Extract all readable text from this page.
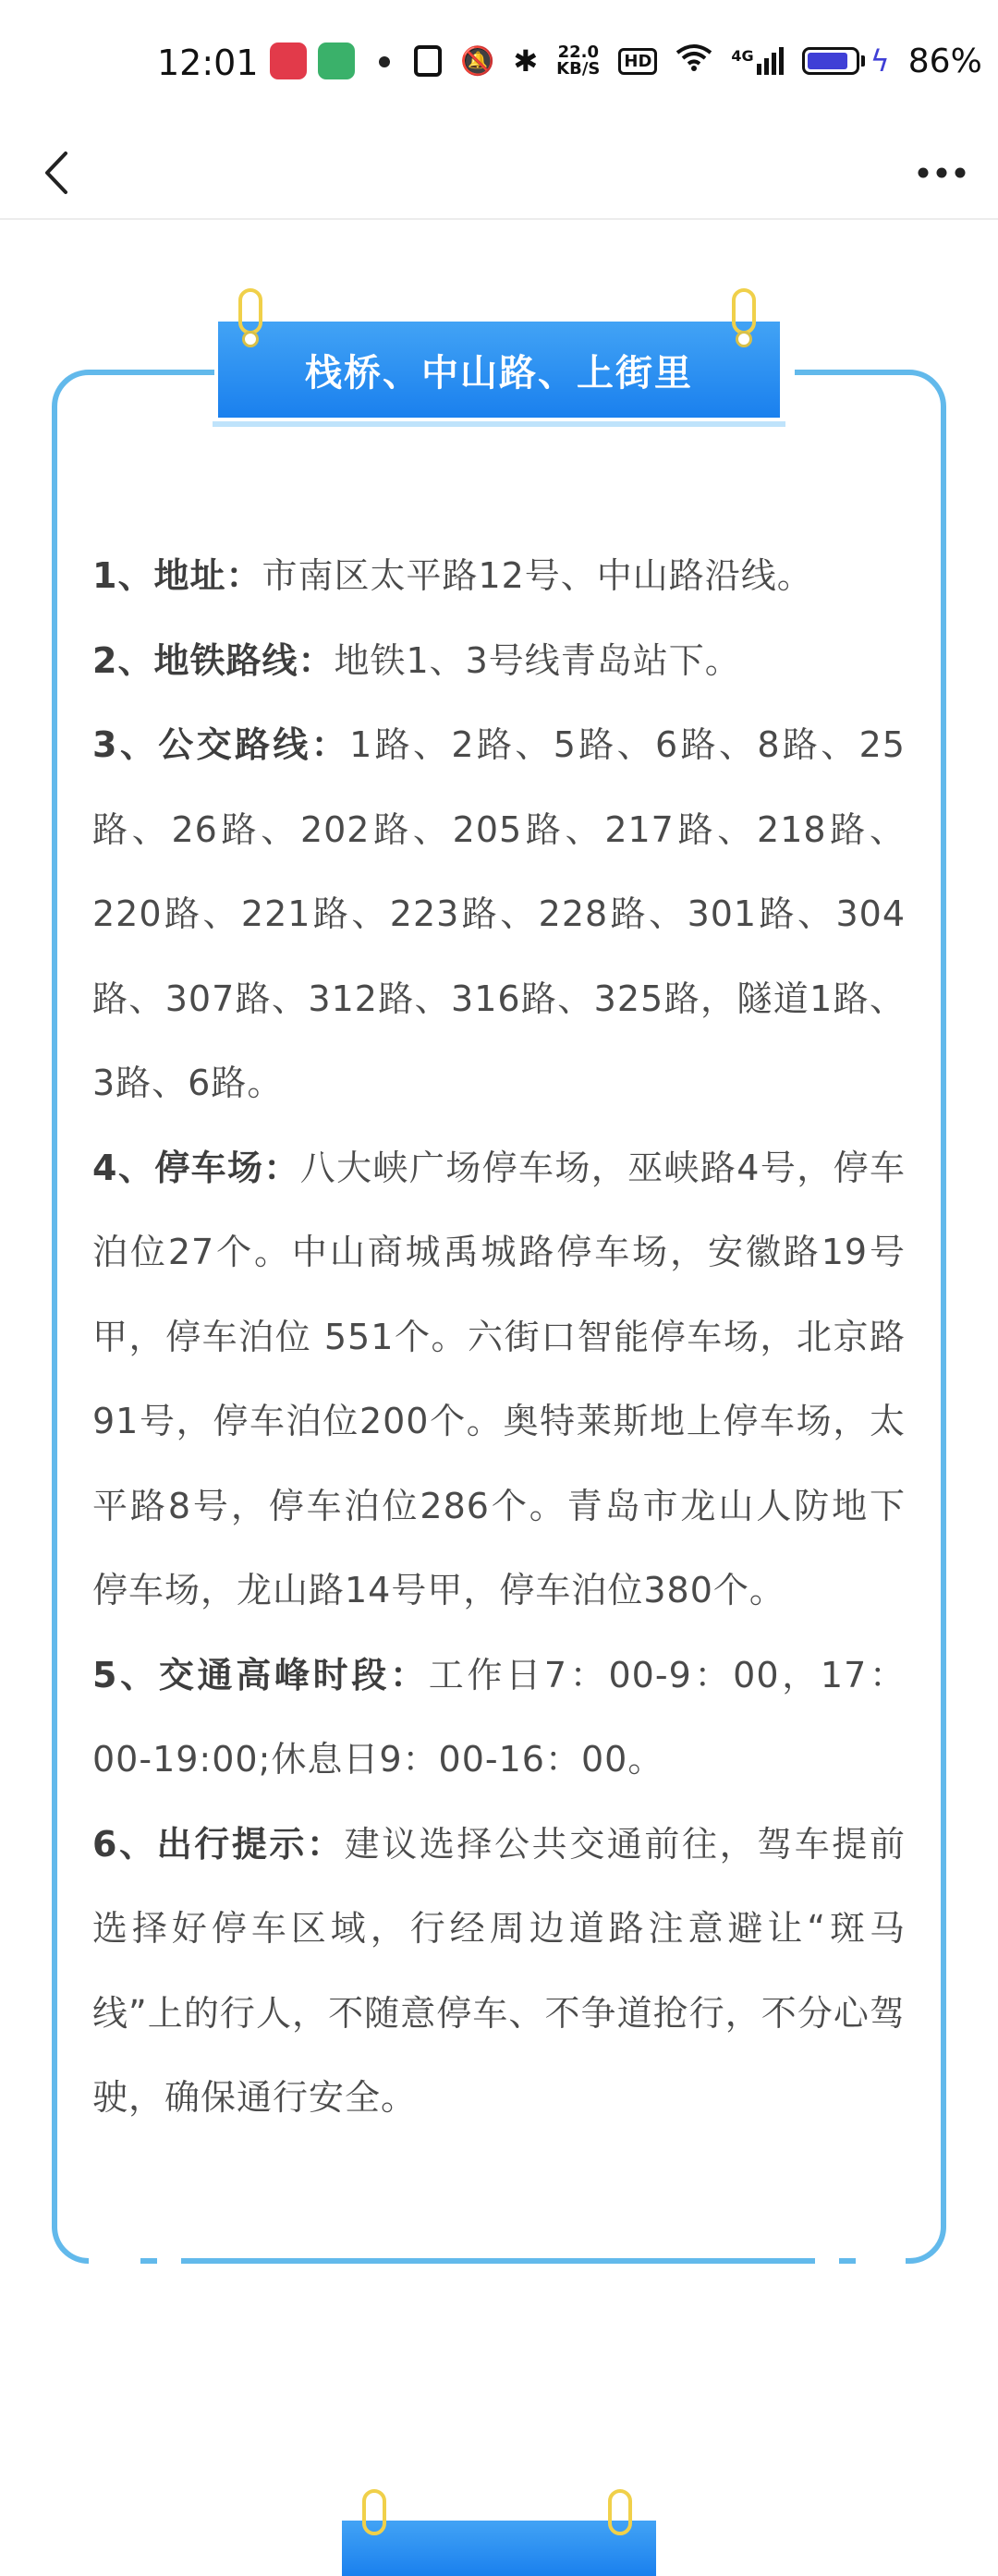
12:01	🔕 ✱ 22.0
KB/S	HD	4G	ϟ 86%
栈桥、中山路、上街里

1、地址：市南区太平路12号、中山路沿线。

2、地铁路线：地铁1、3号线青岛站下。

3、公交路线：1路、2路、5路、6路、8路、25路、26路、202路、205路、217路、218路、220路、221路、223路、228路、301路、304路、307路、312路、316路、325路，隧道1路、3路、6路。

4、停车场：八大峡广场停车场，巫峡路4号，停车泊位27个。中山商城禹城路停车场，安徽路19号甲，停车泊位 551个。六街口智能停车场，北京路91号，停车泊位200个。奥特莱斯地上停车场，太平路8号，停车泊位286个。青岛市龙山人防地下停车场，龙山路14号甲，停车泊位380个。

5、交通高峰时段：工作日7：00-9：00，17：00-19:00;休息日9：00-16：00。

6、出行提示：建议选择公共交通前往，驾车提前选择好停车区域，行经周边道路注意避让“斑马线”上的行人，不随意停车、不争道抢行，不分心驾驶，确保通行安全。
